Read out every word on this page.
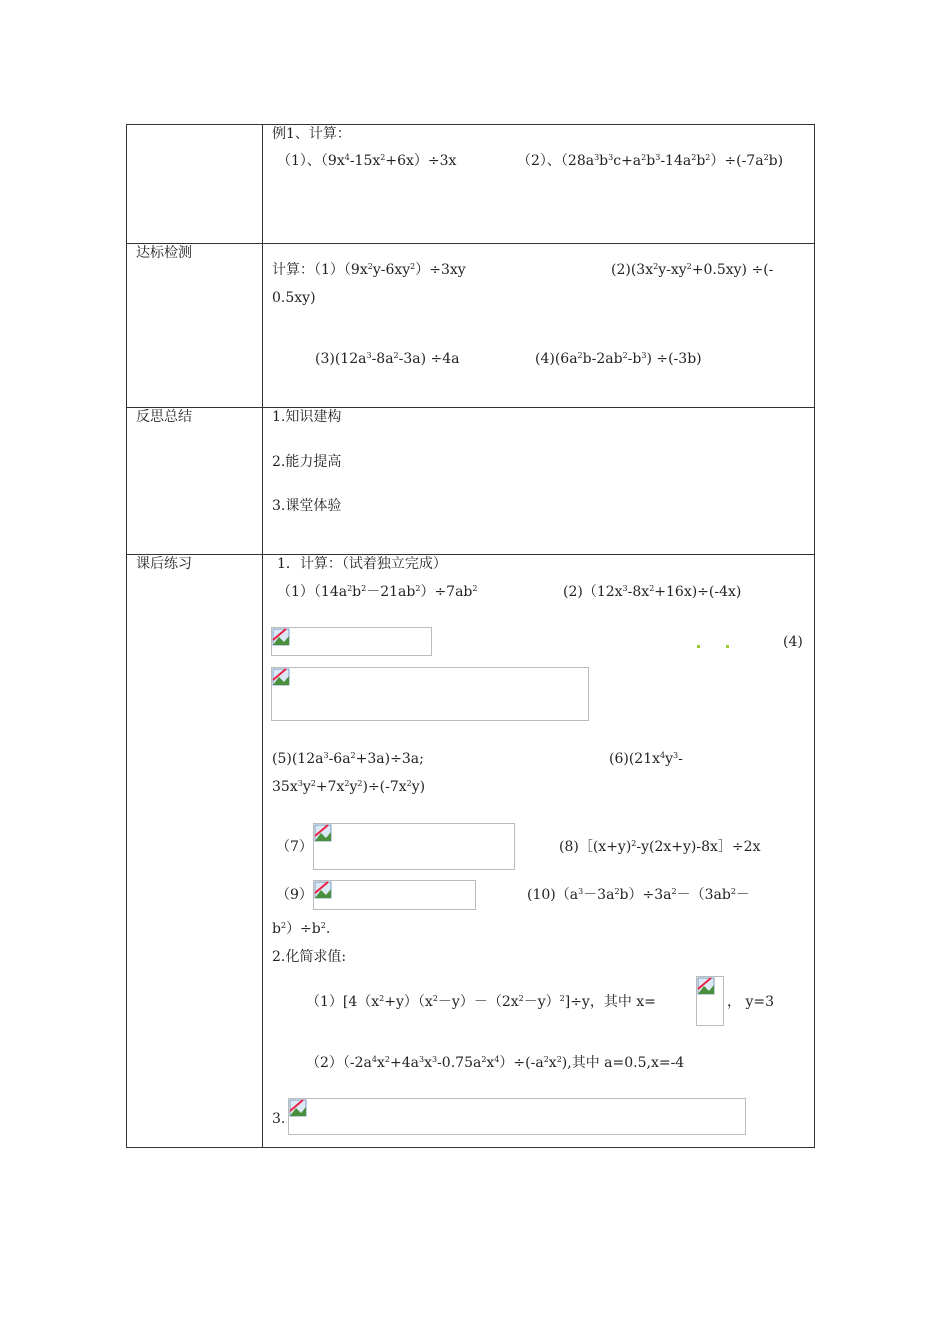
例1、计算：
（1）、$(9x^4-15x^2+6x)\div 3x$	（2）、$(28a^3b^3c+a^2b^3-14a^2b^2)\div(-7a^2b)$
达标检测
计算：$(1)(9x^2y-6xy^2)\div 3xy$	$(2)(3x^2y-xy^2+0.5xy)$ ÷(-
0.5xy)
$(3)(12a^3-8a^2-3a) \div 4a$	$(4)(6a^2b-2ab^2-b^3) \div(-3b)$
反思总结	1.知识建构
2.能力提高
3.课堂体验
课后练习	1．计算：（试着独立完成）
$(1)(14a^2b^2-21ab^2)\div 7ab^2$	$(2)(12x^3-8x^2+16x)\div(-4x)$
(4)
$(5)(12a^3-6a^2+3a)\div 3a$;	$(6)(21x^4y^3-$
$35x^3y^2+7x^2y^2)\div(-7x^2y)$
（7）	$(8)[(x+y)^2-y(2x+y)-8x]\div 2x$
（9）	$(10)(a^3-3a^2b)\div 3a^2-(3ab^2-$
$b^2)\div b^2$.
2.化简求值:
$(1)[4(x^2+y)(x^2-y)-(2x^2-y)^2]\div y$，其中 x=	， y=3
$(2)(-2a^4x^2+4a^3x^3-0.75a^2x^4)\div(-a^2x^2)$,其中 a=0.5,x=-4
3.
